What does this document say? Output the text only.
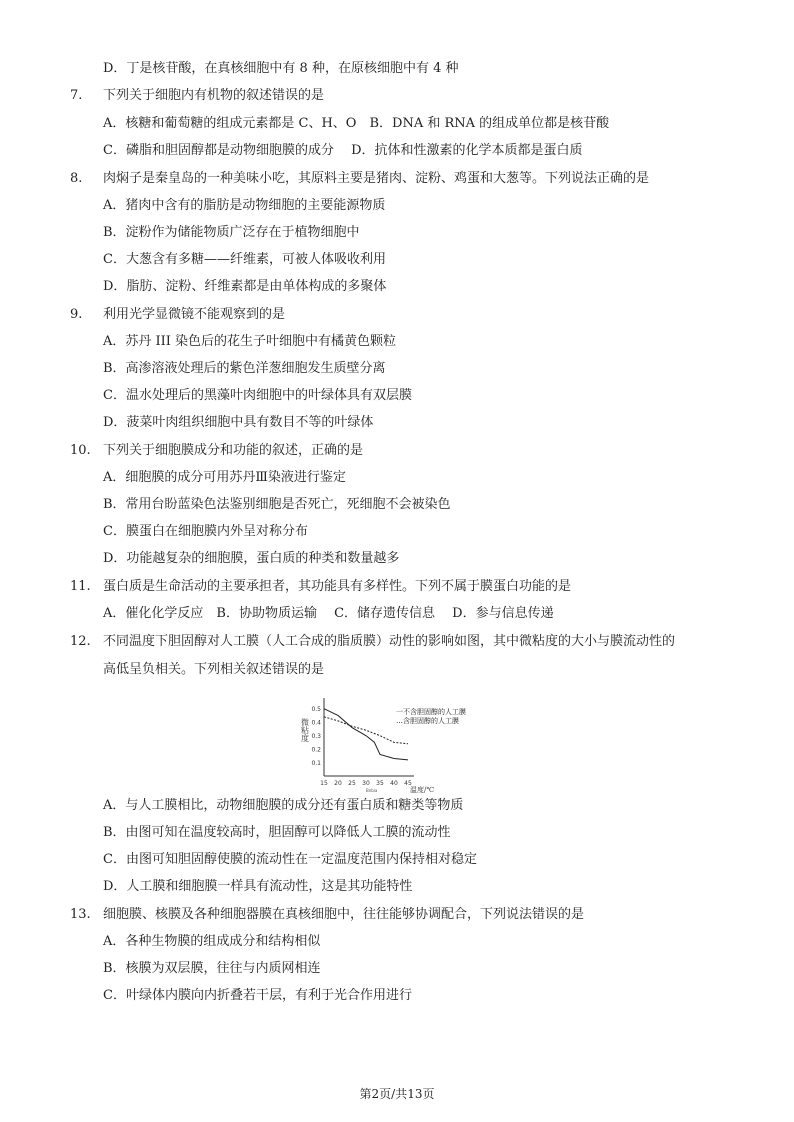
D．丁是核苷酸，在真核细胞中有 8 种，在原核细胞中有 4 种
7. 下列关于细胞内有机物的叙述错误的是
A．核糖和葡萄糖的组成元素都是 C、H、O　B．DNA 和 RNA 的组成单位都是核苷酸
C．磷脂和胆固醇都是动物细胞膜的成分　 D．抗体和性激素的化学本质都是蛋白质
8. 肉焖子是秦皇岛的一种美味小吃，其原料主要是猪肉、淀粉、鸡蛋和大葱等。下列说法正确的是
A．猪肉中含有的脂肪是动物细胞的主要能源物质
B．淀粉作为储能物质广泛存在于植物细胞中
C．大葱含有多糖——纤维素，可被人体吸收利用
D．脂肪、淀粉、纤维素都是由单体构成的多聚体
9. 利用光学显微镜不能观察到的是
A．苏丹 III 染色后的花生子叶细胞中有橘黄色颗粒
B．高渗溶液处理后的紫色洋葱细胞发生质壁分离
C．温水处理后的黑藻叶肉细胞中的叶绿体具有双层膜
D．菠菜叶肉组织细胞中具有数目不等的叶绿体
10. 下列关于细胞膜成分和功能的叙述，正确的是
A．细胞膜的成分可用苏丹Ⅲ染液进行鉴定
B．常用台盼蓝染色法鉴别细胞是否死亡，死细胞不会被染色
C．膜蛋白在细胞膜内外呈对称分布
D．功能越复杂的细胞膜，蛋白质的种类和数量越多
11. 蛋白质是生命活动的主要承担者，其功能具有多样性。下列不属于膜蛋白功能的是
A．催化化学反应　B．协助物质运输　 C．储存遗传信息　 D．参与信息传递
12. 不同温度下胆固醇对人工膜（人工合成的脂质膜）动性的影响如图，其中微粘度的大小与膜流动性的
高低呈负相关。下列相关叙述错误的是
A．与人工膜相比，动物细胞膜的成分还有蛋白质和糖类等物质
B．由图可知在温度较高时，胆固醇可以降低人工膜的流动性
C．由图可知胆固醇使膜的流动性在一定温度范围内保持相对稳定
D．人工膜和细胞膜一样具有流动性，这是其功能特性
13. 细胞膜、核膜及各种细胞器膜在真核细胞中，往往能够协调配合，下列说法错误的是
A．各种生物膜的组成成分和结构相似
B．核膜为双层膜，往往与内质网相连
C．叶绿体内膜向内折叠若干层，有利于光合作用进行
0.5
0.4
0.3
0.2
0.1
15 20 25 30 35 40 45
微粘度
温度/℃
Bnbia
一不含胆固醇的人工膜
…含胆固醇的人工膜
第2页/共13页
